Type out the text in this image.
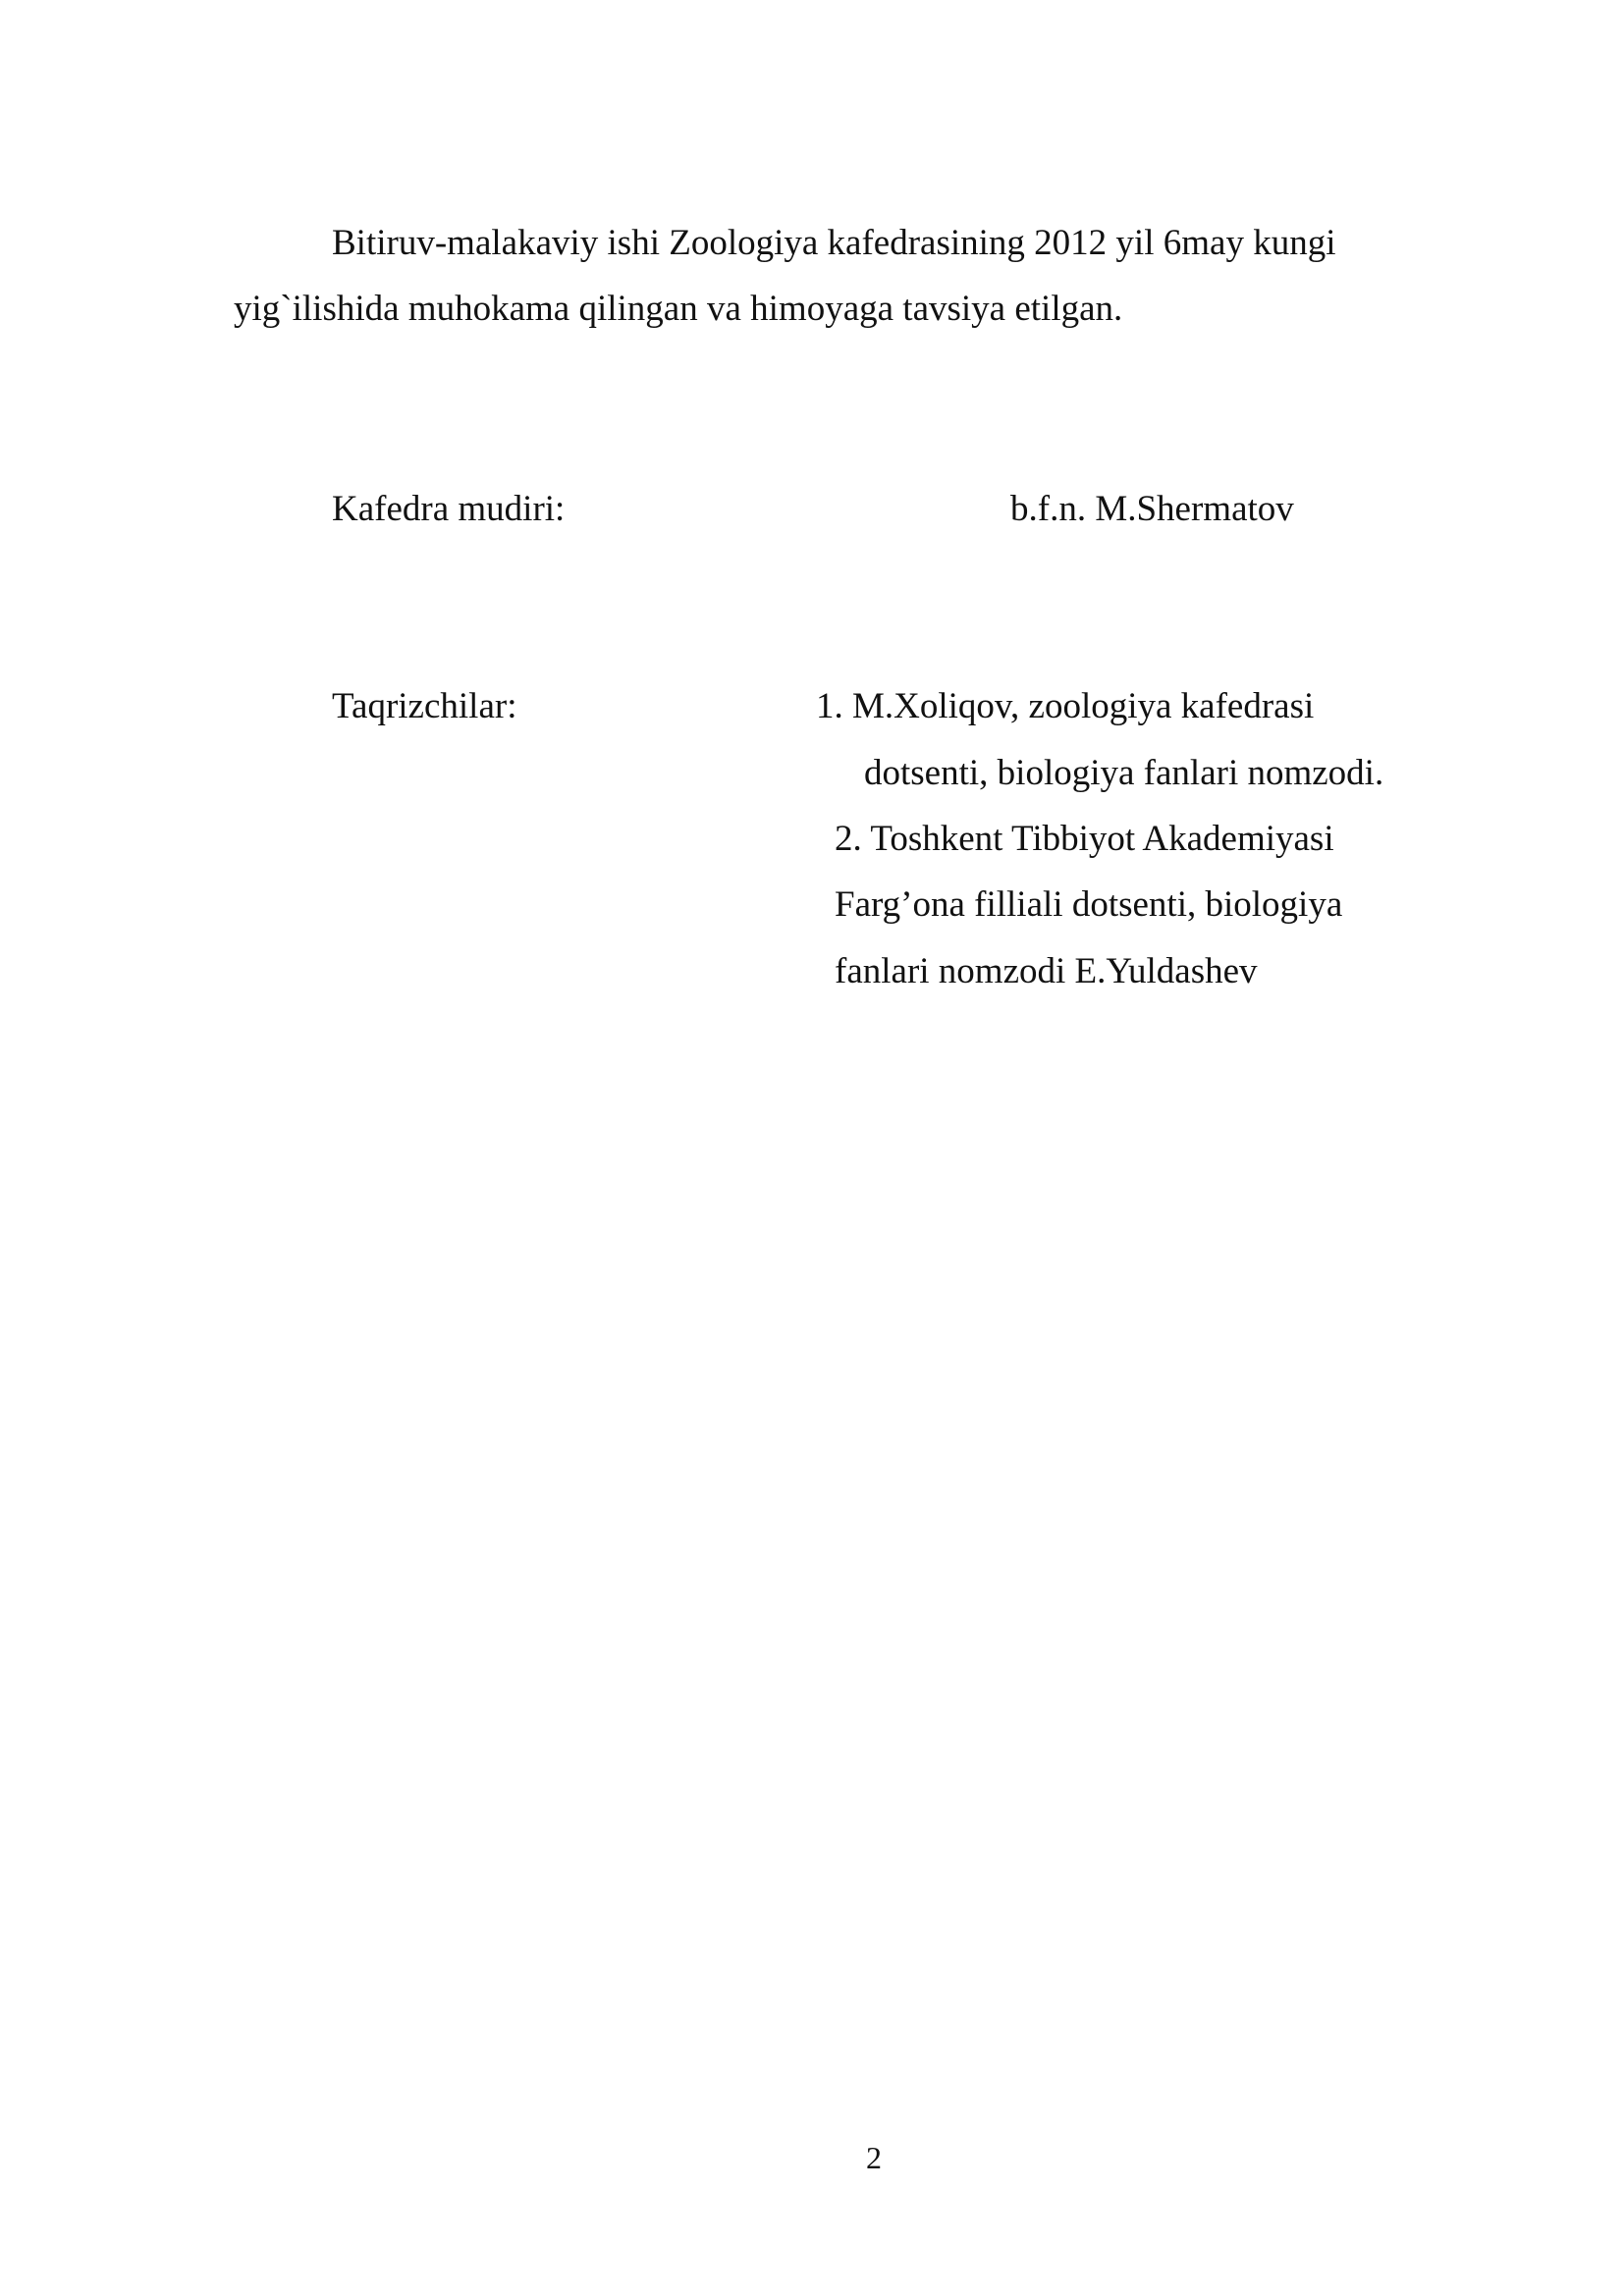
Bitiruv-malakaviy ishi Zoologiya kafedrasining 2012 yil 6may kungi
yig`ilishida muhokama qilingan va himoyaga tavsiya etilgan.
Kafedra mudiri:	b.f.n. M.Shermatov
Taqrizchilar:	1. M.Xoliqov, zoologiya kafedrasi
dotsenti, biologiya fanlari nomzodi.
2. Toshkent Tibbiyot Akademiyasi
Farg’ona filliali dotsenti, biologiya
fanlari nomzodi E.Yuldashev
2
